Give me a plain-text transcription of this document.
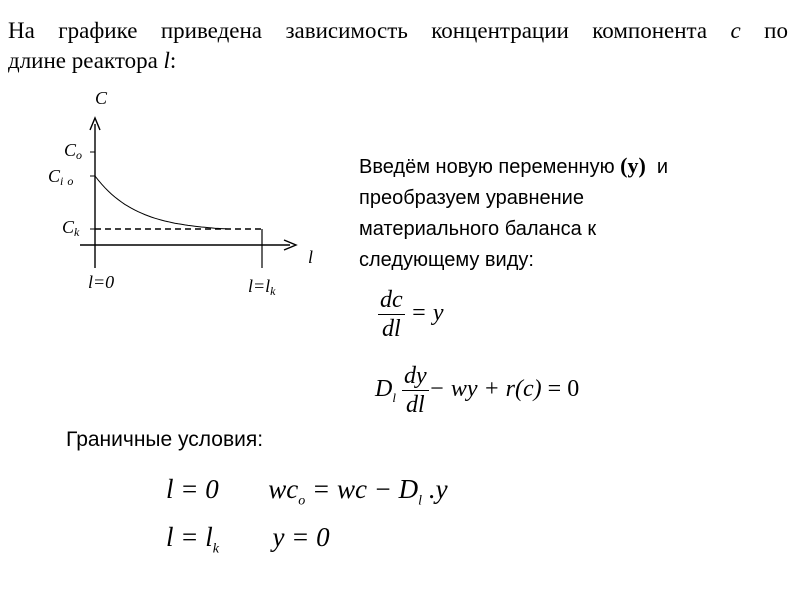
На графике приведена зависимость концентрации компонента c по
длине реактора l:
C
Co
Ci o
Ck
l
l=0	l=lk
Введём новую переменную (y)  и
преобразуем уравнение
материального баланса к
следующему виду:
$\frac{dc}{dl} = y$
$D_l \frac{dy}{dl}$ − wy + r(c) = 0
Граничные условия:
l = 0 $wc_o$ = wc − $D_l$ .y
$l = l_k$ y = 0
